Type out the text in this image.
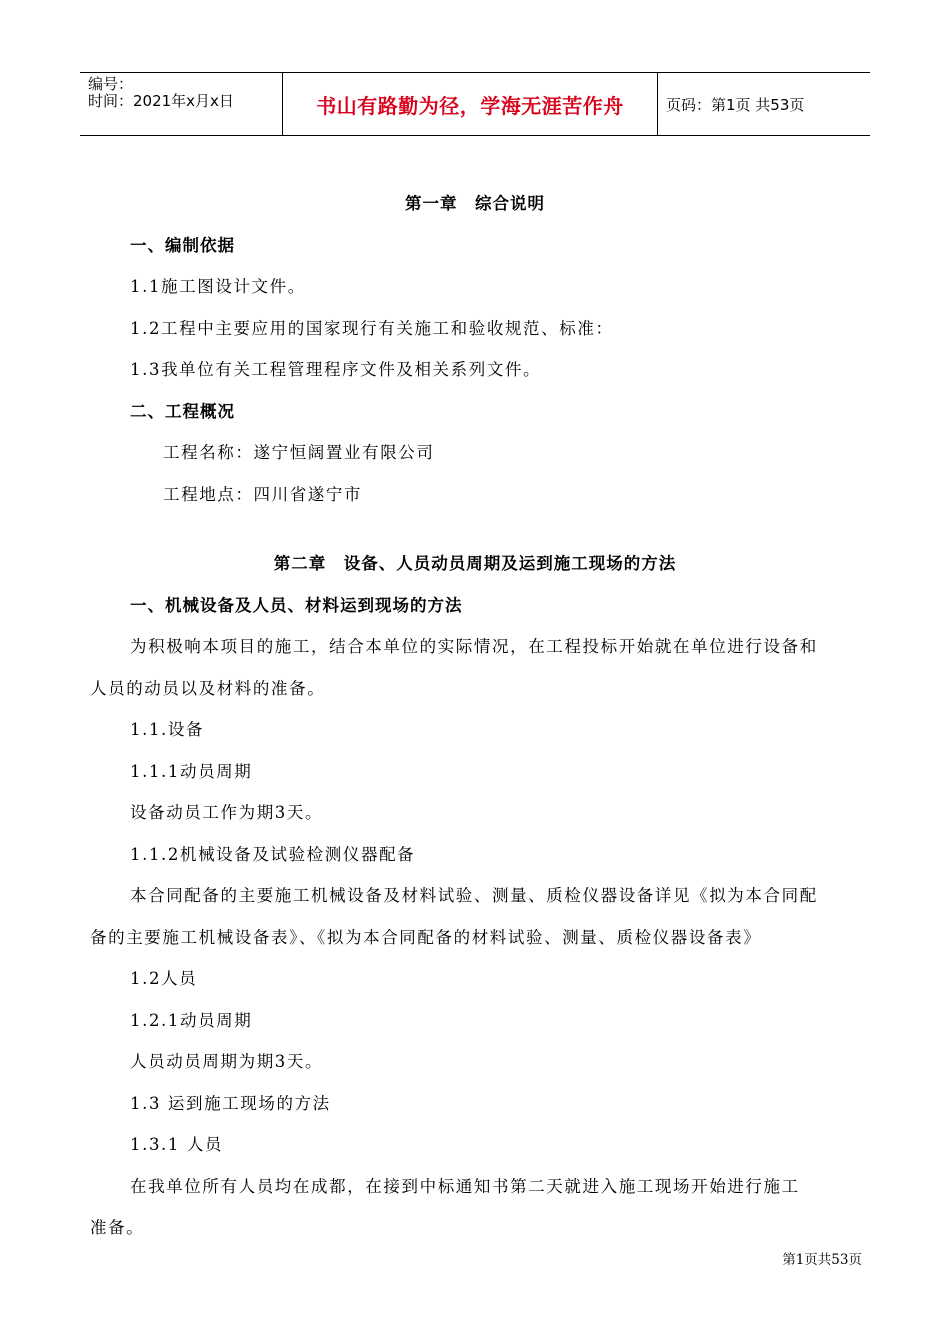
编号：
时间：2021年x月x日	书山有路勤为径，学海无涯苦作舟	页码：第1页 共53页
第一章　综合说明
一、编制依据
1.1施工图设计文件。
1.2工程中主要应用的国家现行有关施工和验收规范、标准：
1.3我单位有关工程管理程序文件及相关系列文件。
二、工程概况
工程名称：遂宁恒阔置业有限公司
工程地点：四川省遂宁市
第二章　设备、人员动员周期及运到施工现场的方法
一、机械设备及人员、材料运到现场的方法
为积极响本项目的施工，结合本单位的实际情况，在工程投标开始就在单位进行设备和
人员的动员以及材料的准备。
1.1.设备
1.1.1动员周期
设备动员工作为期3天。
1.1.2机械设备及试验检测仪器配备
本合同配备的主要施工机械设备及材料试验、测量、质检仪器设备详见《拟为本合同配
备的主要施工机械设备表》、《拟为本合同配备的材料试验、测量、质检仪器设备表》
1.2人员
1.2.1动员周期
人员动员周期为期3天。
1.3 运到施工现场的方法
1.3.1 人员
在我单位所有人员均在成都，在接到中标通知书第二天就进入施工现场开始进行施工
准备。
第1页共53页
